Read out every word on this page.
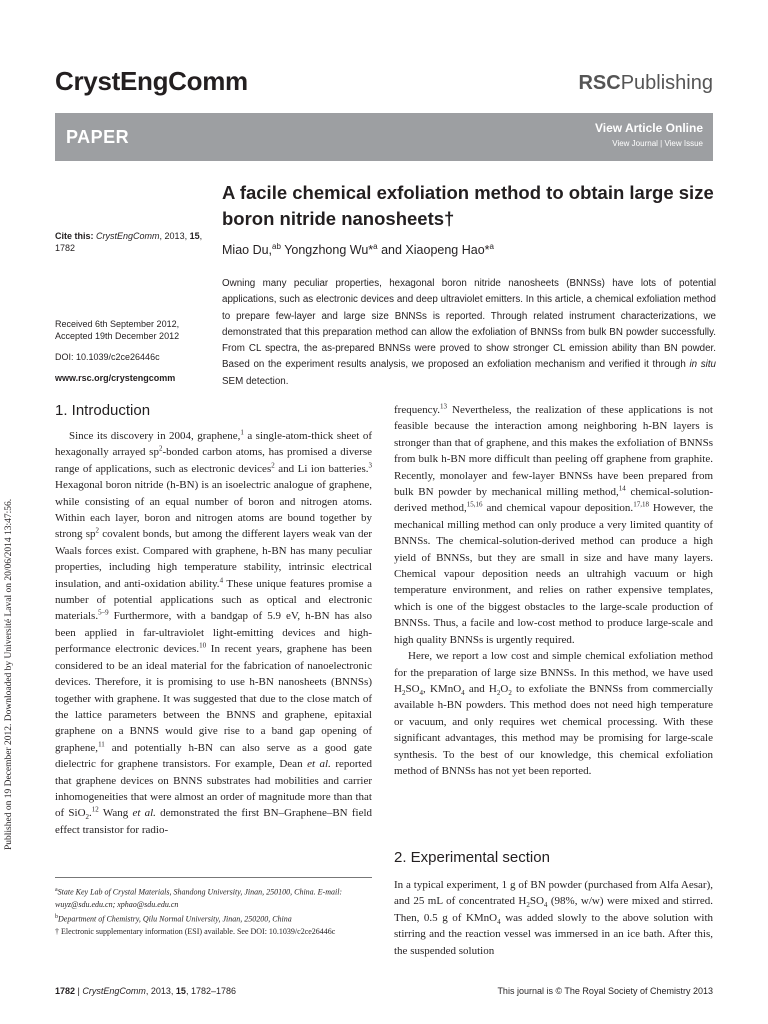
CrystEngComm	RSCPublishing
PAPER	View Article Online
View Journal | View Issue
Published on 19 December 2012. Downloaded by Université Laval on 20/06/2014 13:47:56.
A facile chemical exfoliation method to obtain large size boron nitride nanosheets†
Miao Du,$^{ab}$ Yongzhong Wu*$^a$ and Xiaopeng Hao*$^a$
Cite this: CrystEngComm, 2013, 15, 1782
Received 6th September 2012,
Accepted 19th December 2012
DOI: 10.1039/c2ce26446c
www.rsc.org/crystengcomm
Owning many peculiar properties, hexagonal boron nitride nanosheets (BNNSs) have lots of potential applications, such as electronic devices and deep ultraviolet emitters. In this article, a chemical exfoliation method to prepare few-layer and large size BNNSs is reported. Through related instrument characterizations, we demonstrated that this preparation method can allow the exfoliation of BNNSs from bulk BN powder successfully. From CL spectra, the as-prepared BNNSs were proved to show stronger CL emission ability than BN powder. Based on the experiment results analysis, we proposed an exfoliation mechanism and verified it through in situ SEM detection.
1. Introduction
2. Experimental section

Since its discovery in 2004, graphene,$^1$ a single-atom-thick sheet of hexagonally arrayed $sp^2$-bonded carbon atoms, has promised a diverse range of applications, such as electronic devices$^2$ and Li ion batteries.$^3$ Hexagonal boron nitride (h-BN) is an isoelectric analogue of graphene, while consisting of an equal number of boron and nitrogen atoms. Within each layer, boron and nitrogen atoms are bound together by strong $sp^2$ covalent bonds, but among the different layers weak van der Waals forces exist. Compared with graphene, h-BN has many peculiar properties, including high temperature stability, intrinsic electrical insulation, and anti-oxidation ability.$^4$ These unique features promise a number of potential applications such as optical and electronic materials.$^{5-9}$ Furthermore, with a bandgap of 5.9 eV, h-BN has also been applied in far-ultraviolet light-emitting devices and high-performance electronic devices.$^{10}$ In recent years, graphene has been considered to be an ideal material for the fabrication of nanoelectronic devices. Therefore, it is promising to use h-BN nanosheets (BNNSs) together with graphene. It was suggested that due to the close match of the lattice parameters between the BNNS and graphene, epitaxial graphene on a BNNS would give rise to a band gap opening of graphene,$^{11}$ and potentially h-BN can also serve as a good gate dielectric for graphene transistors. For example, Dean et al. reported that graphene devices on BNNS substrates had mobilities and carrier inhomogeneities that were almost an order of magnitude more than that of SiO$_2$.$^{12}$ Wang et al. demonstrated the first BN–Graphene–BN field effect transistor for radio-

frequency.$^{13}$ Nevertheless, the realization of these applications is not feasible because the interaction among neighboring h-BN layers is stronger than that of graphene, and this makes the exfoliation of BNNSs from bulk h-BN more difficult than peeling off graphene from graphite. Recently, monolayer and few-layer BNNSs have been prepared from bulk BN powder by mechanical milling method,$^{14}$ chemical-solution-derived method,$^{15,16}$ and chemical vapour deposition.$^{17,18}$ However, the mechanical milling method can only produce a very limited quantity of BNNSs. The chemical-solution-derived method can produce a high yield of BNNSs, but they are small in size and have many layers. Chemical vapour deposition needs an ultrahigh vacuum or high temperature environment, and relies on rather expensive templates, which is one of the biggest obstacles to the large-scale production of BNNSs. Thus, a facile and low-cost method to produce large-scale and high quality BNNSs is urgently required.

Here, we report a low cost and simple chemical exfoliation method for the preparation of large size BNNSs. In this method, we have used $H_2SO_4$, KMnO$_4$ and $H_2O_2$ to exfoliate the BNNSs from commercially available h-BN powders. This method does not need high temperature or vacuum, and only requires wet chemical processing. With these significant advantages, this method may be promising for large-scale synthesis. To the best of our knowledge, this chemical exfoliation method of BNNSs has not yet been reported.

In a typical experiment, 1 g of BN powder (purchased from Alfa Aesar), and 25 mL of concentrated $H_2SO_4$ (98%, w/w) were mixed and stirred. Then, 0.5 g of KMnO$_4$ was added slowly to the above solution with stirring and the reaction vessel was immersed in an ice bath. After this, the suspended solution

$^a$State Key Lab of Crystal Materials, Shandong University, Jinan, 250100, China. E-mail: wuyz@sdu.edu.cn; xphao@sdu.edu.cn
$^b$Department of Chemistry, Qilu Normal University, Jinan, 250200, China
† Electronic supplementary information (ESI) available. See DOI: 10.1039/c2ce26446c
1782 | CrystEngComm, 2013, 15, 1782–1786	This journal is © The Royal Society of Chemistry 2013
